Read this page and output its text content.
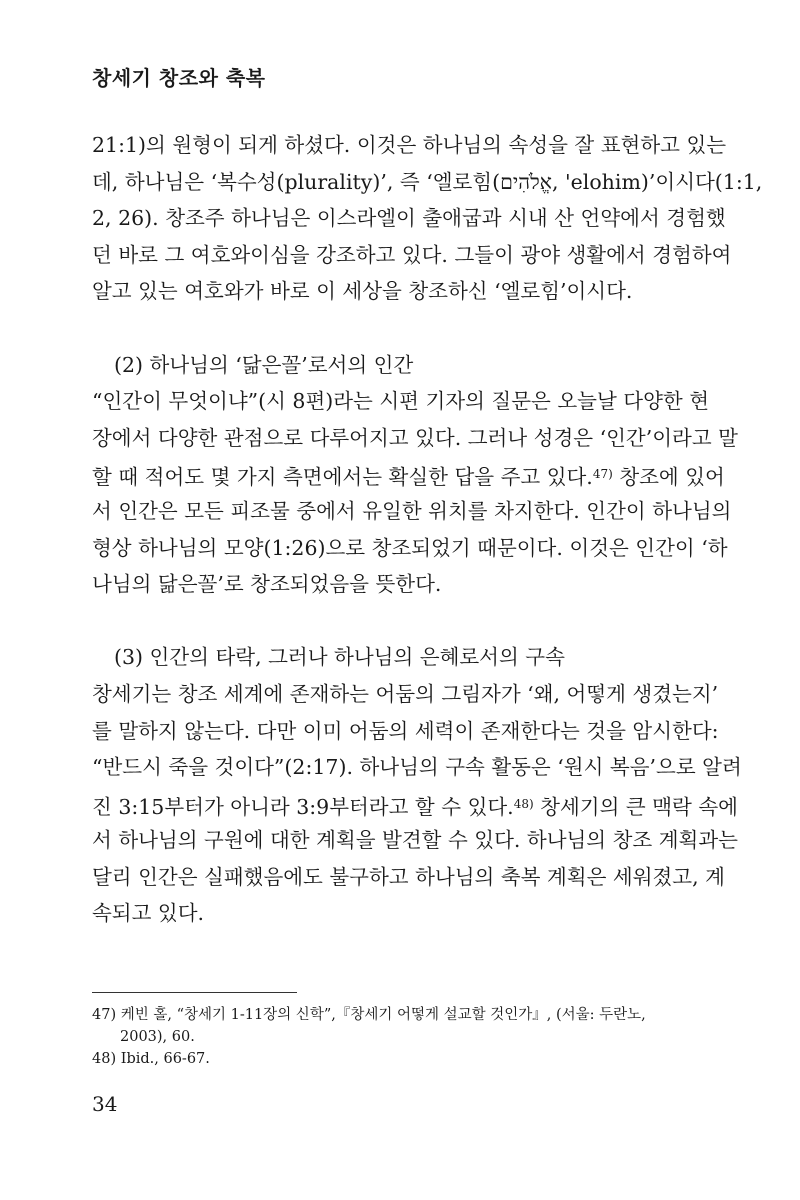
창세기 창조와 축복
21:1)의 원형이 되게 하셨다. 이것은 하나님의 속성을 잘 표현하고 있는
데, 하나님은 ‘복수성(plurality)’, 즉 ‘엘로힘(אֱלֹהִים, 'elohim)’이시다(1:1,
2, 26). 창조주 하나님은 이스라엘이 출애굽과 시내 산 언약에서 경험했
던 바로 그 여호와이심을 강조하고 있다. 그들이 광야 생활에서 경험하여
알고 있는 여호와가 바로 이 세상을 창조하신 ‘엘로힘’이시다.
(2) 하나님의 ‘닮은꼴’로서의 인간
“인간이 무엇이냐”(시 8편)라는 시편 기자의 질문은 오늘날 다양한 현
장에서 다양한 관점으로 다루어지고 있다. 그러나 성경은 ‘인간’이라고 말
할 때 적어도 몇 가지 측면에서는 확실한 답을 주고 있다.$^{47)}$ 창조에 있어
서 인간은 모든 피조물 중에서 유일한 위치를 차지한다. 인간이 하나님의
형상 하나님의 모양(1:26)으로 창조되었기 때문이다. 이것은 인간이 ‘하
나님의 닮은꼴’로 창조되었음을 뜻한다.
(3) 인간의 타락, 그러나 하나님의 은혜로서의 구속
창세기는 창조 세계에 존재하는 어둠의 그림자가 ‘왜, 어떻게 생겼는지’
를 말하지 않는다. 다만 이미 어둠의 세력이 존재한다는 것을 암시한다:
“반드시 죽을 것이다”(2:17). 하나님의 구속 활동은 ‘원시 복음’으로 알려
진 3:15부터가 아니라 3:9부터라고 할 수 있다.$^{48)}$ 창세기의 큰 맥락 속에
서 하나님의 구원에 대한 계획을 발견할 수 있다. 하나님의 창조 계획과는
달리 인간은 실패했음에도 불구하고 하나님의 축복 계획은 세워졌고, 계
속되고 있다.
47) 케빈 홀, “창세기 1-11장의 신학”,『창세기 어떻게 설교할 것인가』, (서울: 두란노,
2003), 60.
48) Ibid., 66-67.
34
